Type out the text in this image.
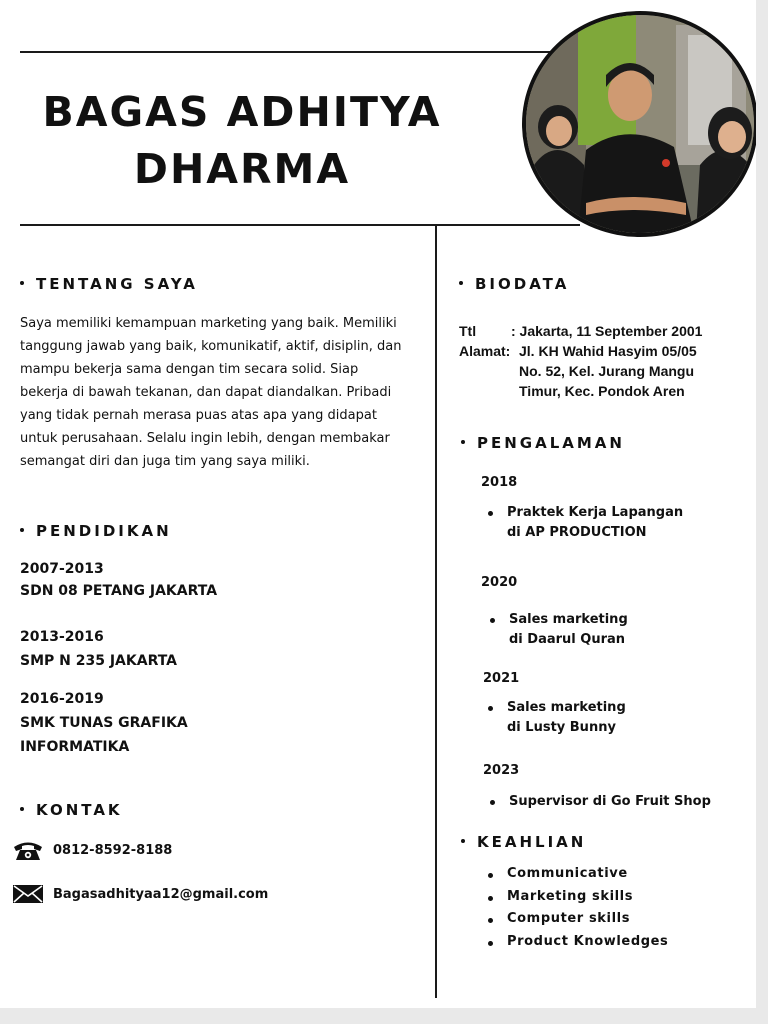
BAGAS ADHITYA
DHARMA
TENTANG SAYA
Saya memiliki kemampuan marketing yang baik. Memiliki tanggung jawab yang baik, komunikatif, aktif, disiplin, dan mampu bekerja sama dengan tim secara solid. Siap bekerja di bawah tekanan, dan dapat diandalkan. Pribadi yang tidak pernah merasa puas atas apa yang didapat untuk perusahaan. Selalu ingin lebih, dengan membakar semangat diri dan juga tim yang saya miliki.
PENDIDIKAN
2007-2013
SDN 08 PETANG JAKARTA
2013-2016
SMP N 235 JAKARTA
2016-2019
SMK TUNAS GRAFIKA
INFORMATIKA
KONTAK
0812-8592-8188
Bagasadhityaa12@gmail.com
BIODATA
Ttl	: Jakarta, 11 September 2001
Alamat: Jl. KH Wahid Hasyim 05/05
No. 52, Kel. Jurang Mangu
Timur, Kec. Pondok Aren
PENGALAMAN
2018
Praktek Kerja Lapangan
di AP PRODUCTION
2020
Sales marketing
di Daarul Quran
2021
Sales marketing
di Lusty Bunny
2023
Supervisor di Go Fruit Shop
KEAHLIAN
Communicative
Marketing skills
Computer skills
Product Knowledges
